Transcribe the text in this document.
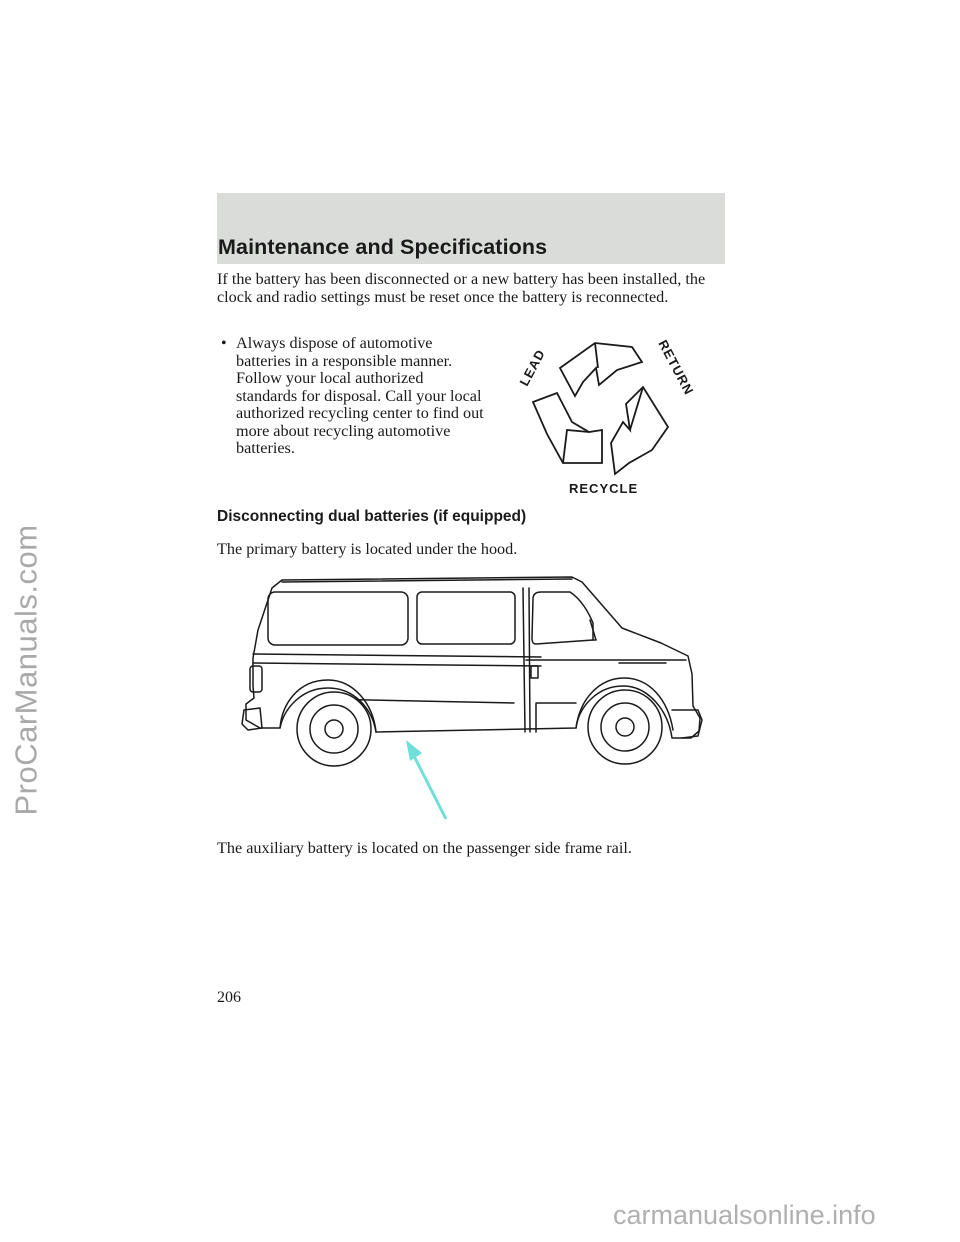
ProCarManuals.com
Maintenance and Specifications

If the battery has been disconnected or a new battery has been installed, the clock and radio settings must be reset once the battery is reconnected.

• Always dispose of automotive batteries in a responsible manner. Follow your local authorized standards for disposal. Call your local authorized recycling center to find out more about recycling automotive batteries.

LEAD	RETURN
RECYCLE
Disconnecting dual batteries (if equipped)

The primary battery is located under the hood.

The auxiliary battery is located on the passenger side frame rail.

206
carmanualsonline.info
